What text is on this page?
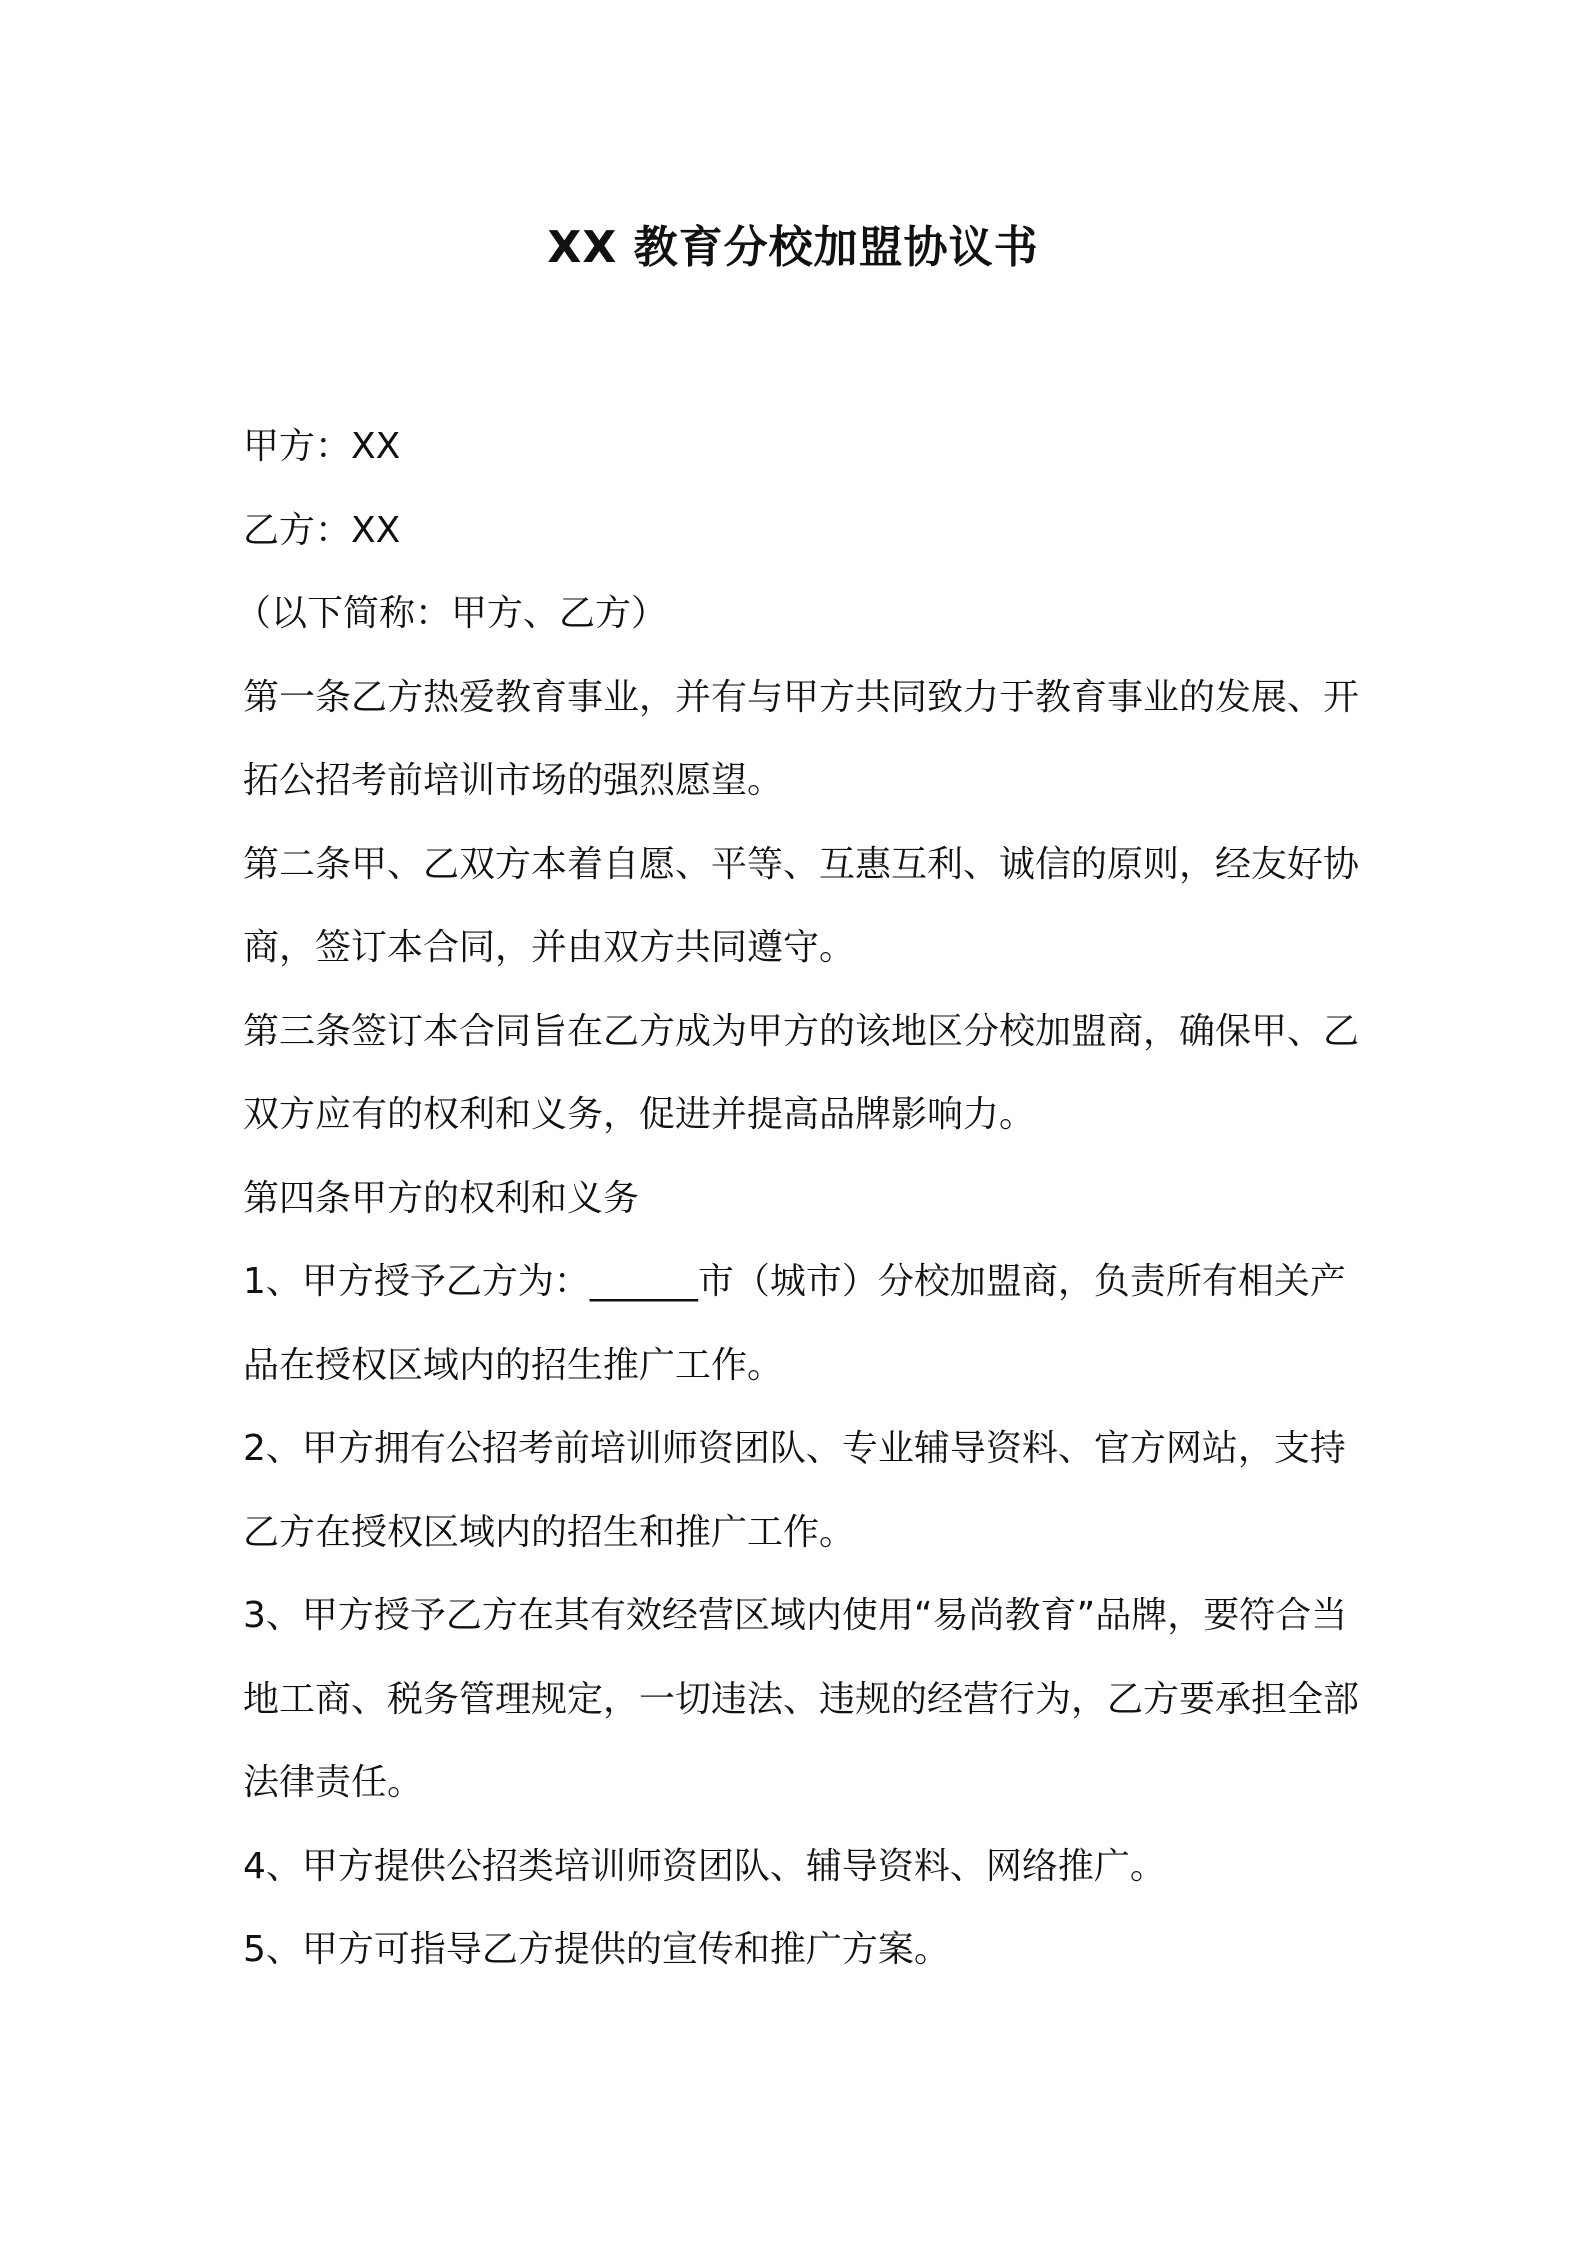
XX 教育分校加盟协议书

甲方：XX

乙方：XX

（以下简称：甲方、乙方）

第一条乙方热爱教育事业，并有与甲方共同致力于教育事业的发展、开拓公招考前培训市场的强烈愿望。

第二条甲、乙双方本着自愿、平等、互惠互利、诚信的原则，经友好协商，签订本合同，并由双方共同遵守。

第三条签订本合同旨在乙方成为甲方的该地区分校加盟商，确保甲、乙双方应有的权利和义务，促进并提高品牌影响力。

第四条甲方的权利和义务

1、甲方授予乙方为：______市（城市）分校加盟商，负责所有相关产品在授权区域内的招生推广工作。

2、甲方拥有公招考前培训师资团队、专业辅导资料、官方网站，支持乙方在授权区域内的招生和推广工作。

3、甲方授予乙方在其有效经营区域内使用“易尚教育”品牌，要符合当地工商、税务管理规定，一切违法、违规的经营行为，乙方要承担全部法律责任。

4、甲方提供公招类培训师资团队、辅导资料、网络推广。

5、甲方可指导乙方提供的宣传和推广方案。
